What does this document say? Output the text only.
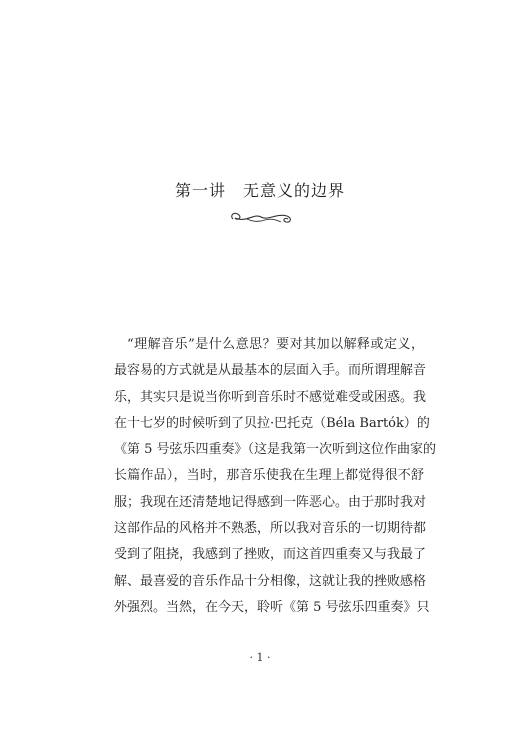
第一讲　无意义的边界
“理解音乐”是什么意思？要对其加以解释或定义，
最容易的方式就是从最基本的层面入手。而所谓理解音
乐，其实只是说当你听到音乐时不感觉难受或困惑。我
在十七岁的时候听到了贝拉·巴托克（Béla Bartók）的
《第 5 号弦乐四重奏》（这是我第一次听到这位作曲家的
长篇作品），当时，那音乐使我在生理上都觉得很不舒
服；我现在还清楚地记得感到一阵恶心。由于那时我对
这部作品的风格并不熟悉，所以我对音乐的一切期待都
受到了阻挠，我感到了挫败，而这首四重奏又与我最了
解、最喜爱的音乐作品十分相像，这就让我的挫败感格
外强烈。当然，在今天，聆听《第 5 号弦乐四重奏》只
· 1 ·
